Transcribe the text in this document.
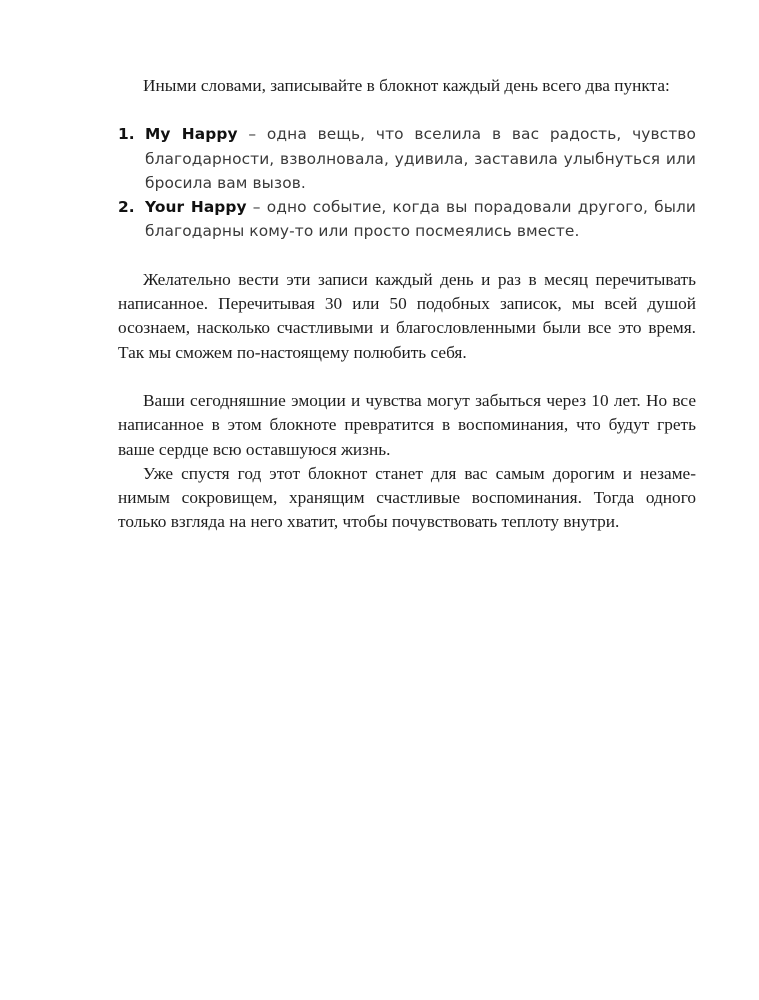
Иными словами, записывайте в блокнот каждый день всего два пункта:

1. My Happy – одна вещь, что вселила в вас радость, чувство благодарности, взволновала, удивила, заставила улыбнуться или бросила вам вызов.
2. Your Happy – одно событие, когда вы порадовали другого, были благодарны кому-то или просто посмеялись вместе.

Желательно вести эти записи каждый день и раз в месяц перечитывать написанное. Перечитывая 30 или 50 подобных записок, мы всей душой осознаем, насколько счастливыми и благословленными были все это время. Так мы сможем по-настоящему полюбить себя.

Ваши сегодняшние эмоции и чувства могут забыться через 10 лет. Но все написанное в этом блокноте превратится в воспоминания, что будут греть ваше сердце всю оставшуюся жизнь.

Уже спустя год этот блокнот станет для вас самым дорогим и незаменимым сокровищем, хранящим счастливые воспоминания. Тогда одного только взгляда на него хватит, чтобы почувствовать теплоту внутри.
